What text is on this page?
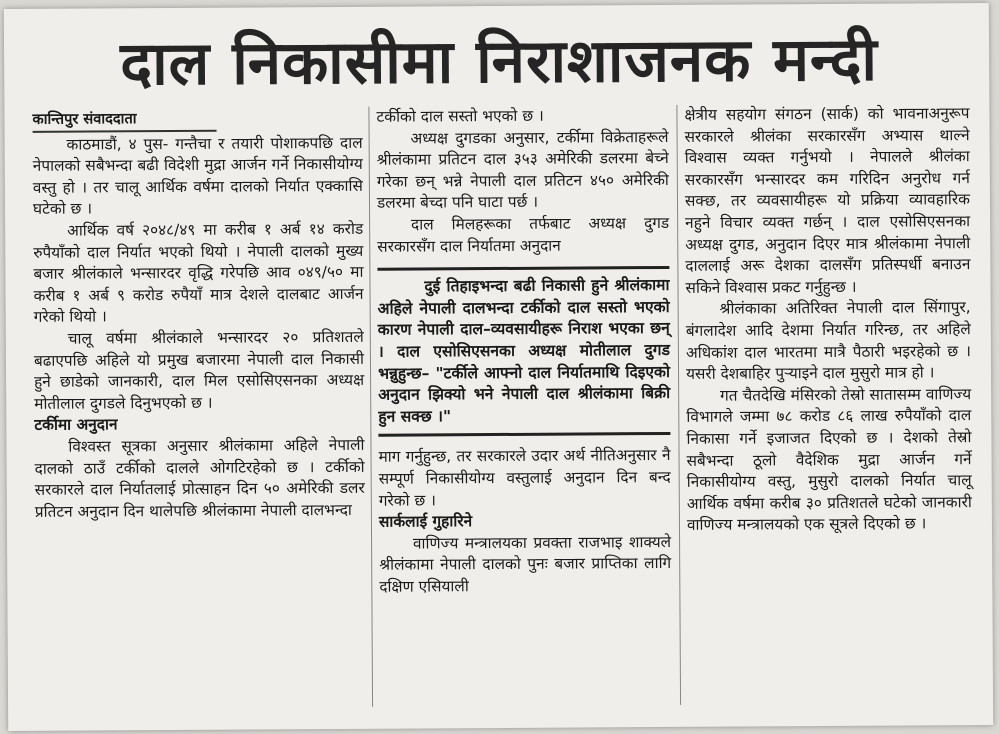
दाल निकासीमा निराशाजनक मन्दी
कान्तिपुर संवाददाता

काठमाडौं, ४ पुस- गन्तैचा र तयारी पोशाकपछि दाल नेपालको सबैभन्दा बढी विदेशी मुद्रा आर्जन गर्ने निकासीयोग्य वस्तु हो । तर चालू आर्थिक वर्षमा दालको निर्यात एक्कासि घटेको छ ।

आर्थिक वर्ष २०४८/४९ मा करीब १ अर्ब १४ करोड रुपैयाँको दाल निर्यात भएको थियो । नेपाली दालको मुख्य बजार श्रीलंकाले भन्सारदर वृद्धि गरेपछि आव ०४९/५० मा करीब १ अर्ब ९ करोड रुपैयाँ मात्र देशले दालबाट आर्जन गरेको थियो ।

चालू वर्षमा श्रीलंकाले भन्सारदर २० प्रतिशतले बढाएपछि अहिले यो प्रमुख बजारमा नेपाली दाल निकासी हुने छाडेको जानकारी, दाल मिल एसोसिएसनका अध्यक्ष मोतीलाल दुगडले दिनुभएको छ ।

टर्कीमा अनुदान

विश्वस्त सूत्रका अनुसार श्रीलंकामा अहिले नेपाली दालको ठाउँ टर्कीको दालले ओगटिरहेको छ । टर्कीको सरकारले दाल निर्यातलाई प्रोत्साहन दिन ५० अमेरिकी डलर प्रतिटन अनुदान दिन थालेपछि श्रीलंकामा नेपाली दालभन्दा

टर्कीको दाल सस्तो भएको छ ।

अध्यक्ष दुगडका अनुसार, टर्कीमा विक्रेताहरूले श्रीलंकामा प्रतिटन दाल ३५३ अमेरिकी डलरमा बेच्ने गरेका छन् भन्ने नेपाली दाल प्रतिटन ४५० अमेरिकी डलरमा बेच्दा पनि घाटा पर्छ ।

दाल मिलहरूका तर्फबाट अध्यक्ष दुगड सरकारसँग दाल निर्यातमा अनुदान

दुई तिहाइभन्दा बढी निकासी हुने श्रीलंकामा अहिले नेपाली दालभन्दा टर्कीको दाल सस्तो भएको कारण नेपाली दाल–व्यवसायीहरू निराश भएका छन् । दाल एसोसिएसनका अध्यक्ष मोतीलाल दुगड भन्नुहुन्छ– "टर्कीले आफ्नो दाल निर्यातमाथि दिइएको अनुदान झिक्यो भने नेपाली दाल श्रीलंकामा बिक्री हुन सक्छ ।"

माग गर्नुहुन्छ, तर सरकारले उदार अर्थ नीतिअनुसार नै सम्पूर्ण निकासीयोग्य वस्तुलाई अनुदान दिन बन्द गरेको छ ।

सार्कलाई गुहारिने

वाणिज्य मन्त्रालयका प्रवक्ता राजभाइ शाक्यले श्रीलंकामा नेपाली दालको पुनः बजार प्राप्तिका लागि दक्षिण एसियाली

क्षेत्रीय सहयोग संगठन (सार्क) को भावनाअनुरूप सरकारले श्रीलंका सरकारसँग अभ्यास थाल्ने विश्वास व्यक्त गर्नुभयो । नेपालले श्रीलंका सरकारसँग भन्सारदर कम गरिदिन अनुरोध गर्न सक्छ, तर व्यवसायीहरू यो प्रक्रिया व्यावहारिक नहुने विचार व्यक्त गर्छन् । दाल एसोसिएसनका अध्यक्ष दुगड, अनुदान दिएर मात्र श्रीलंकामा नेपाली दाललाई अरू देशका दालसँग प्रतिस्पर्धी बनाउन सकिने विश्वास प्रकट गर्नुहुन्छ ।

श्रीलंकाका अतिरिक्त नेपाली दाल सिंगापुर, बंगलादेश आदि देशमा निर्यात गरिन्छ, तर अहिले अधिकांश दाल भारतमा मात्रै पैठारी भइरहेको छ । यसरी देशबाहिर पुऱ्याइने दाल मुसुरो मात्र हो ।

गत चैतदेखि मंसिरको तेस्रो सातासम्म वाणिज्य विभागले जम्मा ७८ करोड ८६ लाख रुपैयाँको दाल निकासा गर्ने इजाजत दिएको छ । देशको तेस्रो सबैभन्दा ठूलो वैदेशिक मुद्रा आर्जन गर्ने निकासीयोग्य वस्तु, मुसुरो दालको निर्यात चालू आर्थिक वर्षमा करीब ३० प्रतिशतले घटेको जानकारी वाणिज्य मन्त्रालयको एक सूत्रले दिएको छ ।
